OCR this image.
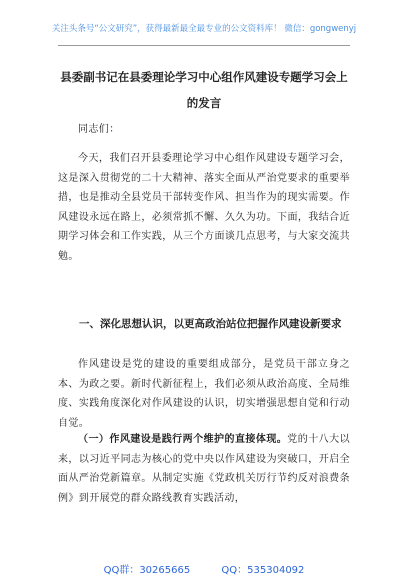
关注头条号“公文研究”，获得最新最全最专业的公文资料库！ 微信：gongwenyj
县委副书记在县委理论学习中心组作风建设专题学习会上的发言
同志们：
今天，我们召开县委理论学习中心组作风建设专题学习会，这是深入贯彻党的二十大精神、落实全面从严治党要求的重要举措，也是推动全县党员干部转变作风、担当作为的现实需要。作风建设永远在路上，必须常抓不懈、久久为功。下面，我结合近期学习体会和工作实践，从三个方面谈几点思考，与大家交流共勉。
一、深化思想认识，以更高政治站位把握作风建设新要求
作风建设是党的建设的重要组成部分，是党员干部立身之本、为政之要。新时代新征程上，我们必须从政治高度、全局维度、实践角度深化对作风建设的认识，切实增强思想自觉和行动自觉。
（一）作风建设是践行两个维护的直接体现。党的十八大以来，以习近平同志为核心的党中央以作风建设为突破口，开启全面从严治党新篇章。从制定实施《党政机关厉行节约反对浪费条例》到开展党的群众路线教育实践活动，
QQ群：30265665	QQ：535304092
